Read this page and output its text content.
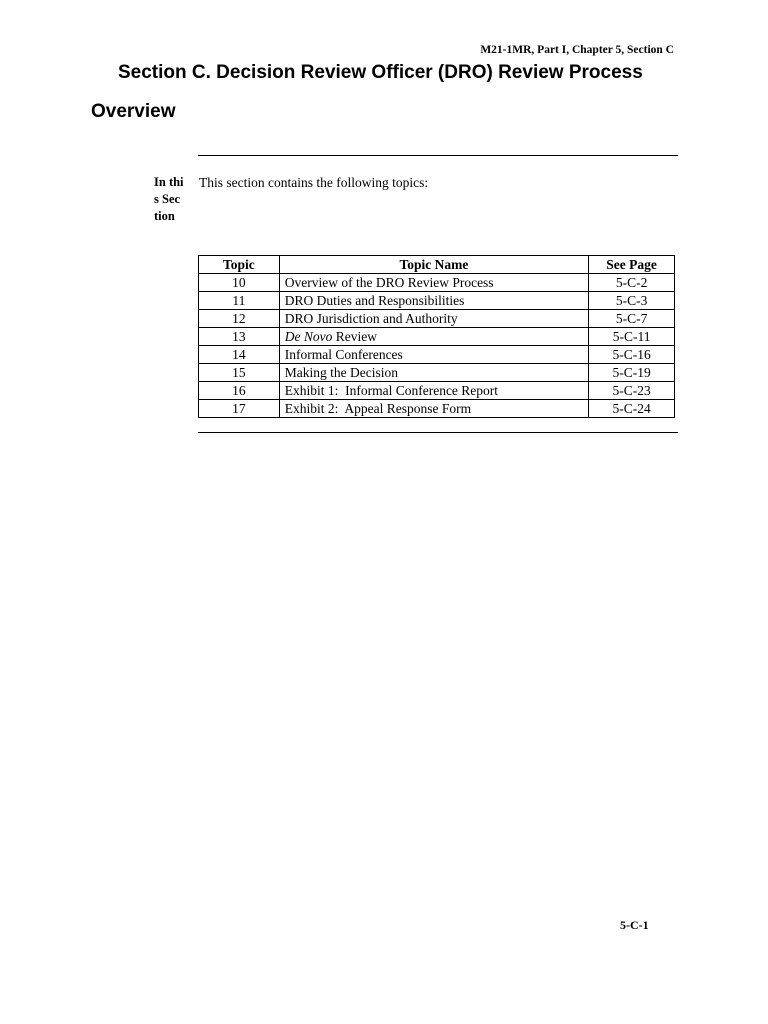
M21-1MR, Part I, Chapter 5, Section C
Section C. Decision Review Officer (DRO) Review Process
Overview
In this Section
This section contains the following topics:
Topic	Topic Name	See Page
10	Overview of the DRO Review Process	5-C-2
11	DRO Duties and Responsibilities	5-C-3
12	DRO Jurisdiction and Authority	5-C-7
13	De Novo Review	5-C-11
14	Informal Conferences	5-C-16
15	Making the Decision	5-C-19
16	Exhibit 1:  Informal Conference Report	5-C-23
17	Exhibit 2:  Appeal Response Form	5-C-24
5-C-1
